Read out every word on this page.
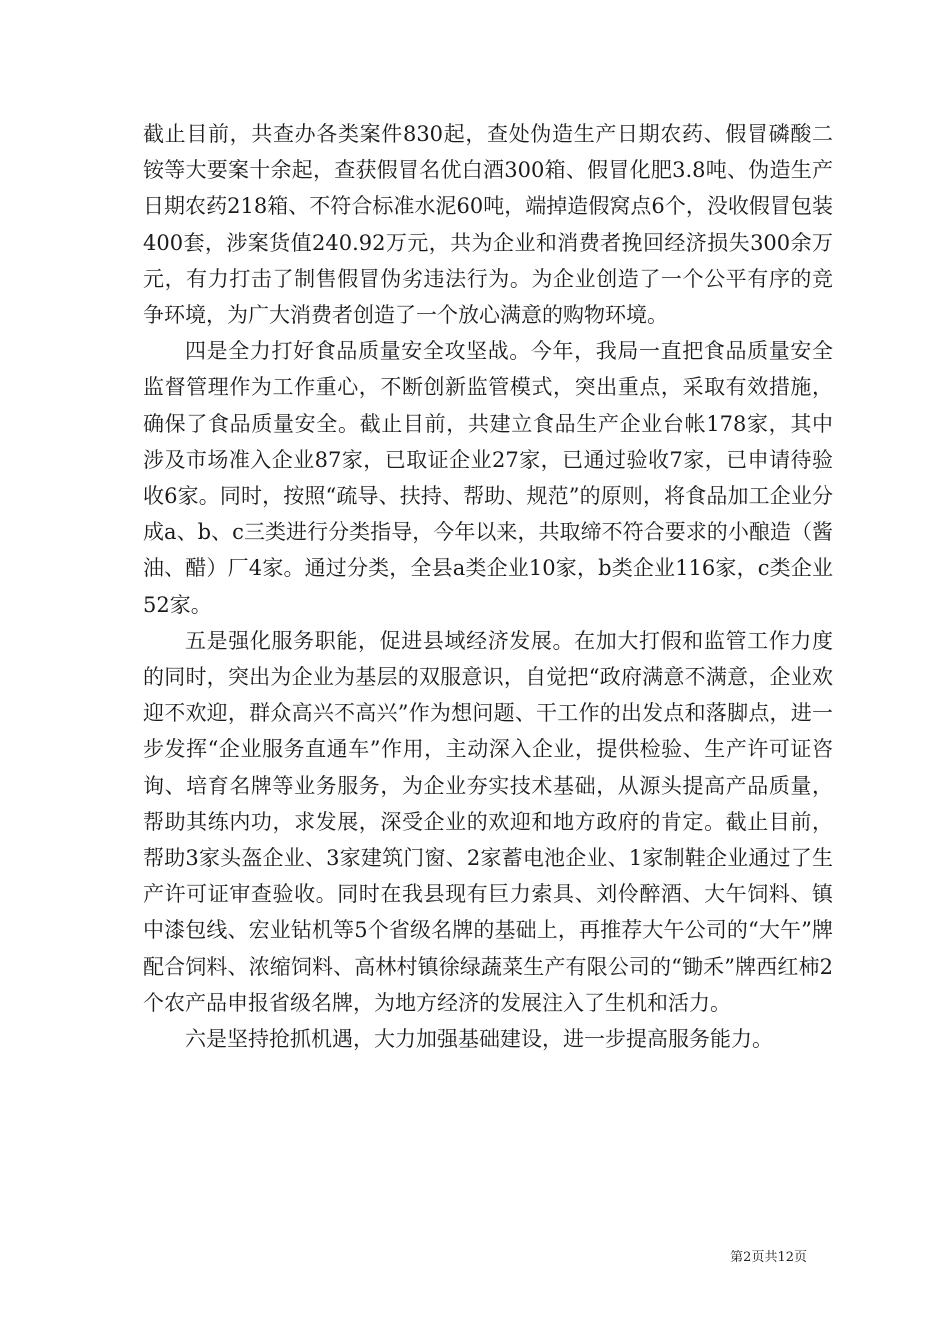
截止目前，共查办各类案件830起，查处伪造生产日期农药、假冒磷酸二铵等大要案十余起，查获假冒名优白酒300箱、假冒化肥3.8吨、伪造生产日期农药218箱、不符合标准水泥60吨，端掉造假窝点6个，没收假冒包装400套，涉案货值240.92万元，共为企业和消费者挽回经济损失300余万元，有力打击了制售假冒伪劣违法行为。为企业创造了一个公平有序的竞争环境，为广大消费者创造了一个放心满意的购物环境。

四是全力打好食品质量安全攻坚战。今年，我局一直把食品质量安全监督管理作为工作重心，不断创新监管模式，突出重点，采取有效措施，确保了食品质量安全。截止目前，共建立食品生产企业台帐178家，其中涉及市场准入企业87家，已取证企业27家，已通过验收7家，已申请待验收6家。同时，按照“疏导、扶持、帮助、规范”的原则，将食品加工企业分成a、b、c三类进行分类指导，今年以来，共取缔不符合要求的小酿造（酱油、醋）厂4家。通过分类，全县a类企业10家，b类企业116家，c类企业52家。

五是强化服务职能，促进县域经济发展。在加大打假和监管工作力度的同时，突出为企业为基层的双服意识，自觉把“政府满意不满意，企业欢迎不欢迎，群众高兴不高兴”作为想问题、干工作的出发点和落脚点，进一步发挥“企业服务直通车”作用，主动深入企业，提供检验、生产许可证咨询、培育名牌等业务服务，为企业夯实技术基础，从源头提高产品质量，帮助其练内功，求发展，深受企业的欢迎和地方政府的肯定。截止目前，帮助3家头盔企业、3家建筑门窗、2家蓄电池企业、1家制鞋企业通过了生产许可证审查验收。同时在我县现有巨力索具、刘伶醉酒、大午饲料、镇中漆包线、宏业钻机等5个省级名牌的基础上，再推荐大午公司的“大午”牌配合饲料、浓缩饲料、高林村镇徐绿蔬菜生产有限公司的“锄禾”牌西红柿2个农产品申报省级名牌，为地方经济的发展注入了生机和活力。

六是坚持抢抓机遇，大力加强基础建设，进一步提高服务能力。

第2页共12页
